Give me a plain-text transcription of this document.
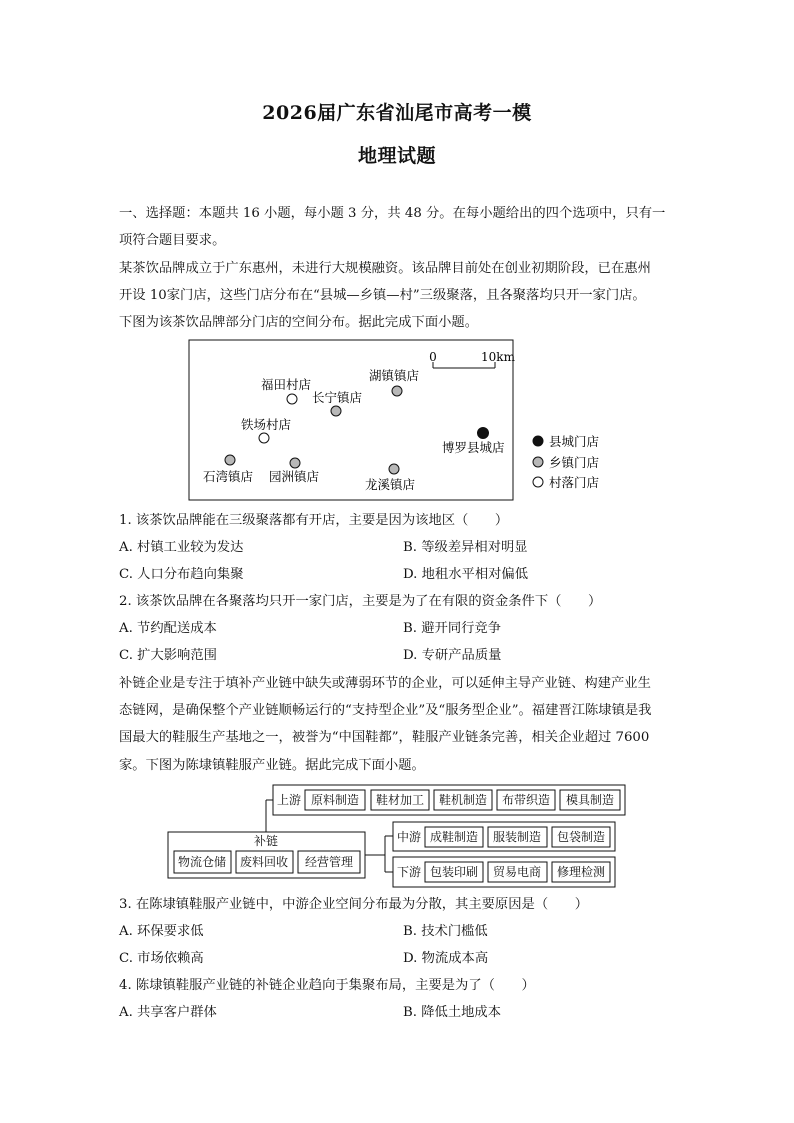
2026届广东省汕尾市高考一模
地理试题
一、选择题：本题共 16 小题，每小题 3 分，共 48 分。在每小题给出的四个选项中，只有一
项符合题目要求。
某茶饮品牌成立于广东惠州，未进行大规模融资。该品牌目前处在创业初期阶段，已在惠州
开设 10家门店，这些门店分布在“县城—乡镇—村”三级聚落，且各聚落均只开一家门店。
下图为该茶饮品牌部分门店的空间分布。据此完成下面小题。
0	10km
福田村店
长宁镇店
湖镇镇店
铁场村店
博罗县城店
石湾镇店 园洲镇店
龙溪镇店
县城门店
乡镇门店
村落门店
1. 该茶饮品牌能在三级聚落都有开店，主要是因为该地区（　　）
A. 村镇工业较为发达	B. 等级差异相对明显
C. 人口分布趋向集聚	D. 地租水平相对偏低
2. 该茶饮品牌在各聚落均只开一家门店，主要是为了在有限的资金条件下（　　）
A. 节约配送成本	B. 避开同行竞争
C. 扩大影响范围	D. 专研产品质量
补链企业是专注于填补产业链中缺失或薄弱环节的企业，可以延伸主导产业链、构建产业生
态链网，是确保整个产业链顺畅运行的“支持型企业”及“服务型企业”。福建晋江陈埭镇是我
国最大的鞋服生产基地之一，被誉为“中国鞋都”，鞋服产业链条完善，相关企业超过 7600
家。下图为陈埭镇鞋服产业链。据此完成下面小题。
上游 原料制造 鞋材加工 鞋机制造 布带织造 模具制造
补链
物流仓储 废料回收 经营管理
中游 成鞋制造 服装制造 包袋制造
下游 包装印刷 贸易电商 修理检测
3. 在陈埭镇鞋服产业链中，中游企业空间分布最为分散，其主要原因是（　　）
A. 环保要求低	B. 技术门槛低
C. 市场依赖高	D. 物流成本高
4. 陈埭镇鞋服产业链的补链企业趋向于集聚布局，主要是为了（　　）
A. 共享客户群体	B. 降低土地成本
